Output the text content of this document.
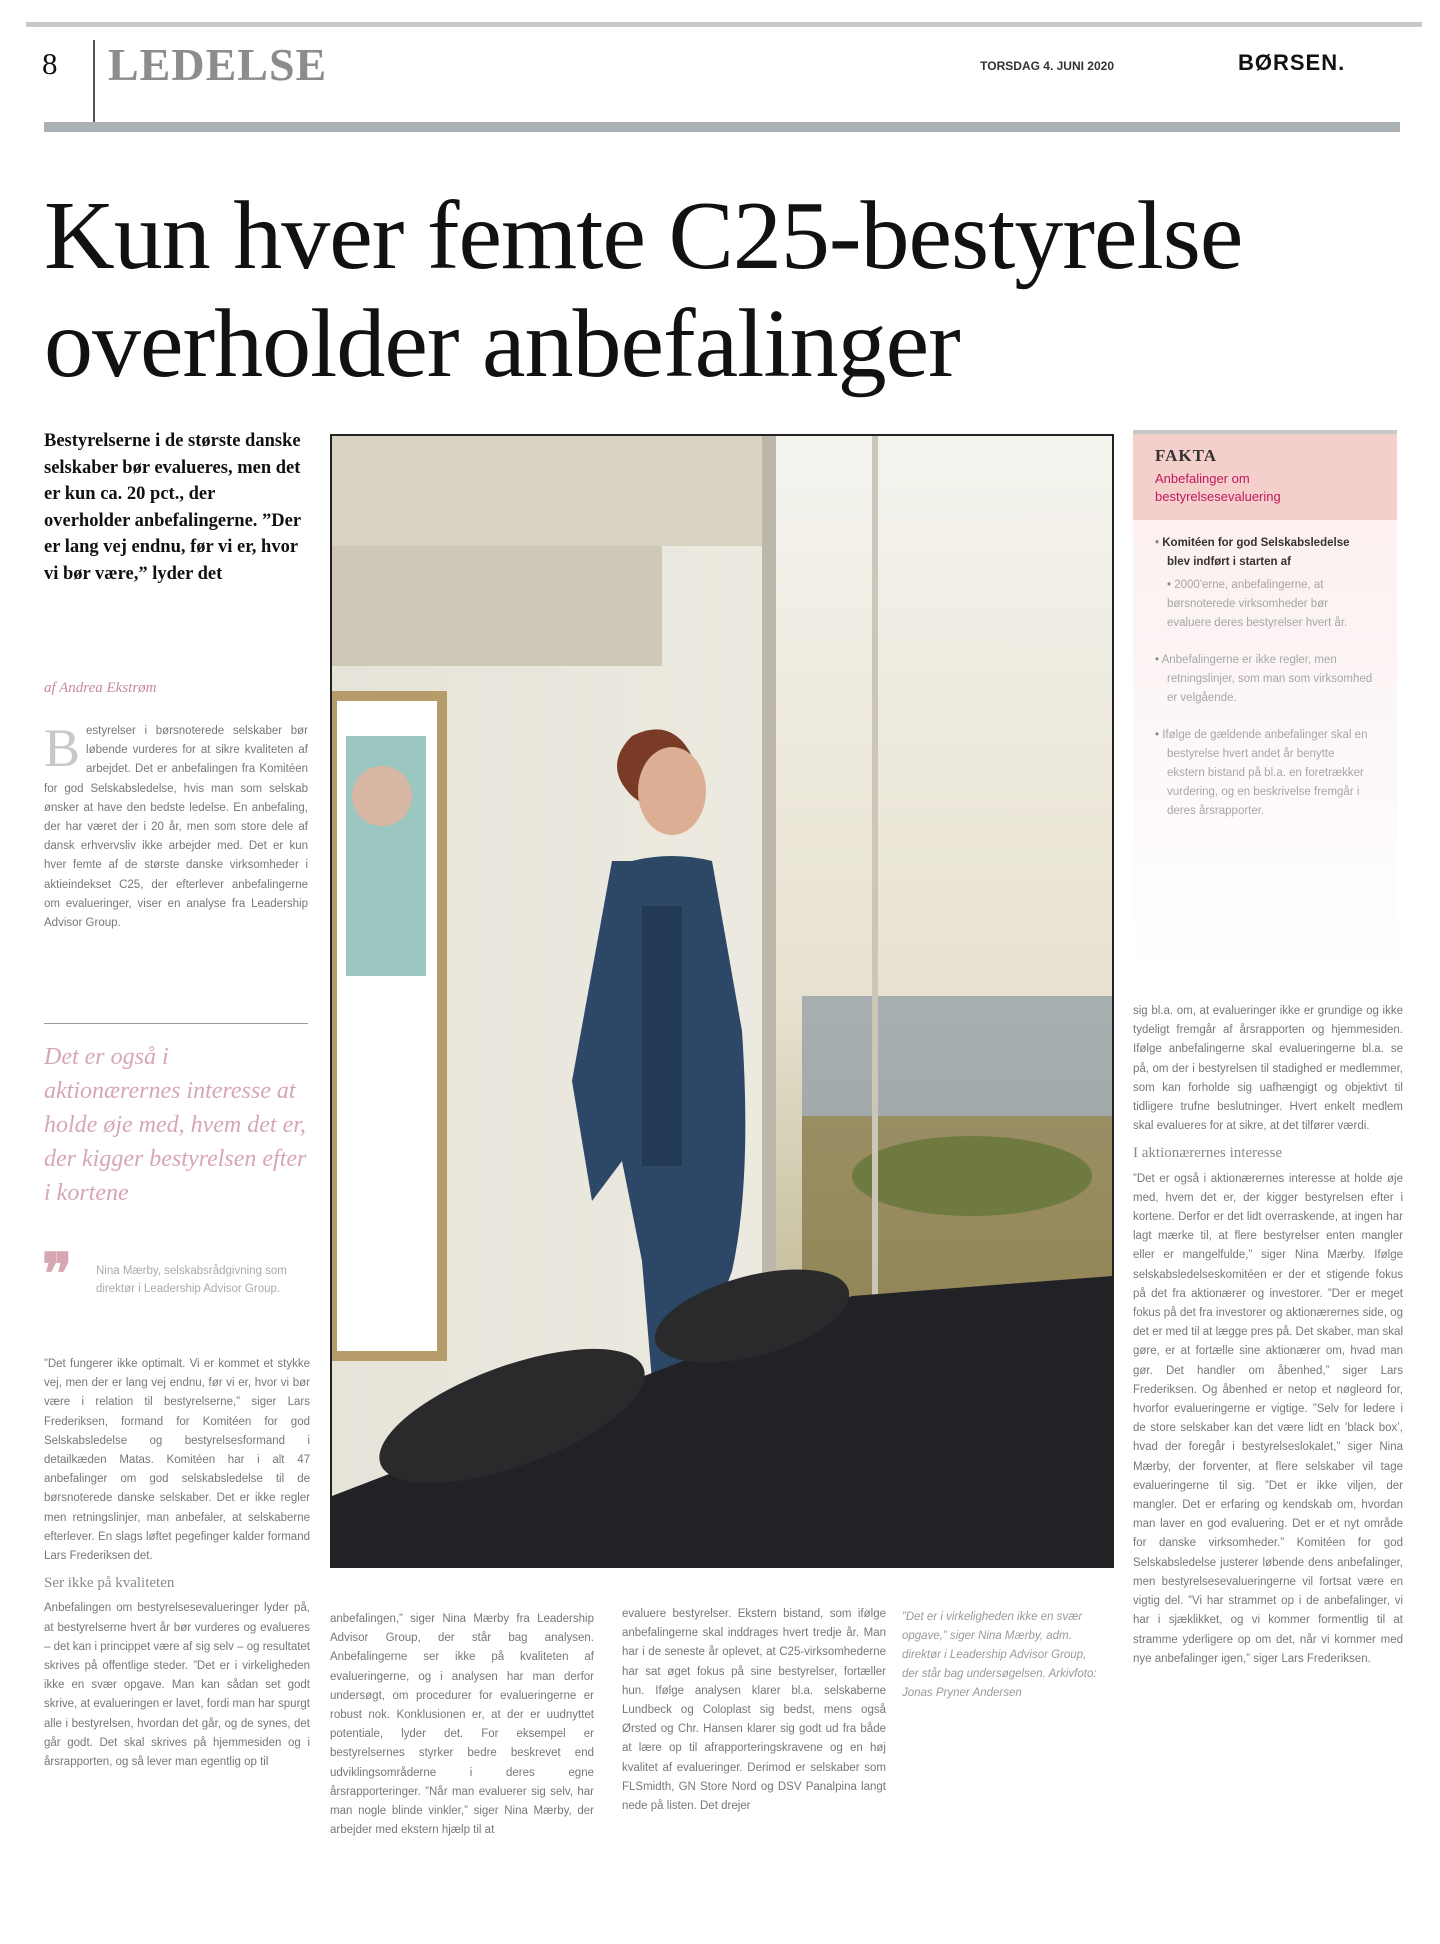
8 LEDELSE	TORSDAG 4. JUNI 2020	BØRSEN.
Kun hver femte C25-bestyrelse overholder anbefalinger
Bestyrelserne i de største danske selskaber bør evalueres, men det er kun ca. 20 pct., der overholder anbefalingerne. ”Der er lang vej endnu, før vi er, hvor vi bør være,” lyder det
af Andrea Ekstrøm
Bestyrelser i børsnoterede selskaber bør løbende vurderes for at sikre kvaliteten af arbejdet. Det er anbefalingen fra Komitéen for god Selskabsledelse, hvis man som selskab ønsker at have den bedste ledelse. En anbefaling, der har været der i 20 år, men som store dele af dansk erhvervsliv ikke arbejder med. Det er kun hver femte af de største danske virksomheder i aktieindekset C25, der efterlever anbefalingerne om evalueringer, viser en analyse fra Leadership Advisor Group.
Det er også i aktionærernes interesse at holde øje med, hvem det er, der kigger bestyrelsen efter i kortene
❞ Nina Mærby, selskabsrådgivning som direktør i Leadership Advisor Group.
”Det fungerer ikke optimalt. Vi er kommet et stykke vej, men der er lang vej endnu, før vi er, hvor vi bør være i relation til bestyrelserne,” siger Lars Frederiksen, formand for Komitéen for god Selskabsledelse og bestyrelsesformand i detailkæden Matas. Komitéen har i alt 47 anbefalinger om god selskabsledelse til de børsnoterede danske selskaber. Det er ikke regler men retningslinjer, man anbefaler, at selskaberne efterlever. En slags løftet pegefinger kalder formand Lars Frederiksen det.
Ser ikke på kvaliteten
Anbefalingen om bestyrelsesevalueringer lyder på, at bestyrelserne hvert år bør vurderes og evalueres – det kan i princippet være af sig selv – og resultatet skrives på offentlige steder. ”Det er i virkeligheden ikke en svær opgave. Man kan sådan set godt skrive, at evalueringen er lavet, fordi man har spurgt alle i bestyrelsen, hvordan det går, og de synes, det går godt. Det skal skrives på hjemmesiden og i årsrapporten, og så lever man egentlig op til
anbefalingen,” siger Nina Mærby fra Leadership Advisor Group, der står bag analysen. Anbefalingerne ser ikke på kvaliteten af evalueringerne, og i analysen har man derfor undersøgt, om procedurer for evalueringerne er robust nok. Konklusionen er, at der er uudnyttet potentiale, lyder det. For eksempel er bestyrelsernes styrker bedre beskrevet end udviklingsområderne i deres egne årsrapporteringer. ”Når man evaluerer sig selv, har man nogle blinde vinkler,” siger Nina Mærby, der arbejder med ekstern hjælp til at
evaluere bestyrelser. Ekstern bistand, som ifølge anbefalingerne skal inddrages hvert tredje år. Man har i de seneste år oplevet, at C25-virksomhederne har sat øget fokus på sine bestyrelser, fortæller hun. Ifølge analysen klarer bl.a. selskaberne Lundbeck og Coloplast sig bedst, mens også Ørsted og Chr. Hansen klarer sig godt ud fra både at lære op til afrapporteringskravene og en høj kvalitet af evalueringer. Derimod er selskaber som FLSmidth, GN Store Nord og DSV Panalpina langt nede på listen. Det drejer
”Det er i virkeligheden ikke en svær opgave,” siger Nina Mærby, adm. direktør i Leadership Advisor Group, der står bag undersøgelsen. Arkivfoto: Jonas Pryner Andersen
FAKTA
Anbefalinger om bestyrelsesevaluering
• Komitéen for god Selskabsledelse blev indført i starten af
• 2000'erne, anbefalingerne, at børsnoterede virksomheder bør evaluere deres bestyrelser hvert år.
• Anbefalingerne er ikke regler, men retningslinjer, som man som virksomhed er velgående.
• Ifølge de gældende anbefalinger skal en bestyrelse hvert andet år benytte ekstern bistand på bl.a. en foretrækker vurdering, og en beskrivelse fremgår i deres årsrapporter.
sig bl.a. om, at evalueringer ikke er grundige og ikke tydeligt fremgår af årsrapporten og hjemmesiden. Ifølge anbefalingerne skal evalueringerne bl.a. se på, om der i bestyrelsen til stadighed er medlemmer, som kan forholde sig uafhængigt og objektivt til tidligere trufne beslutninger. Hvert enkelt medlem skal evalueres for at sikre, at det tilfører værdi.
I aktionærernes interesse
”Det er også i aktionærernes interesse at holde øje med, hvem det er, der kigger bestyrelsen efter i kortene. Derfor er det lidt overraskende, at ingen har lagt mærke til, at flere bestyrelser enten mangler eller er mangelfulde,” siger Nina Mærby. Ifølge selskabsledelseskomitéen er der et stigende fokus på det fra aktionærer og investorer. ”Der er meget fokus på det fra investorer og aktionærernes side, og det er med til at lægge pres på. Det skaber, man skal gøre, er at fortælle sine aktionærer om, hvad man gør. Det handler om åbenhed,” siger Lars Frederiksen. Og åbenhed er netop et nøgleord for, hvorfor evalueringerne er vigtige. ”Selv for ledere i de store selskaber kan det være lidt en ’black box’, hvad der foregår i bestyrelseslokalet,” siger Nina Mærby, der forventer, at flere selskaber vil tage evalueringerne til sig. ”Det er ikke viljen, der mangler. Det er erfaring og kendskab om, hvordan man laver en god evaluering. Det er et nyt område for danske virksomheder.” Komitéen for god Selskabsledelse justerer løbende dens anbefalinger, men bestyrelsesevalueringerne vil fortsat være en vigtig del. ”Vi har strammet op i de anbefalinger, vi har i sjæklikket, og vi kommer formentlig til at stramme yderligere op om det, når vi kommer med nye anbefalinger igen,” siger Lars Frederiksen.
